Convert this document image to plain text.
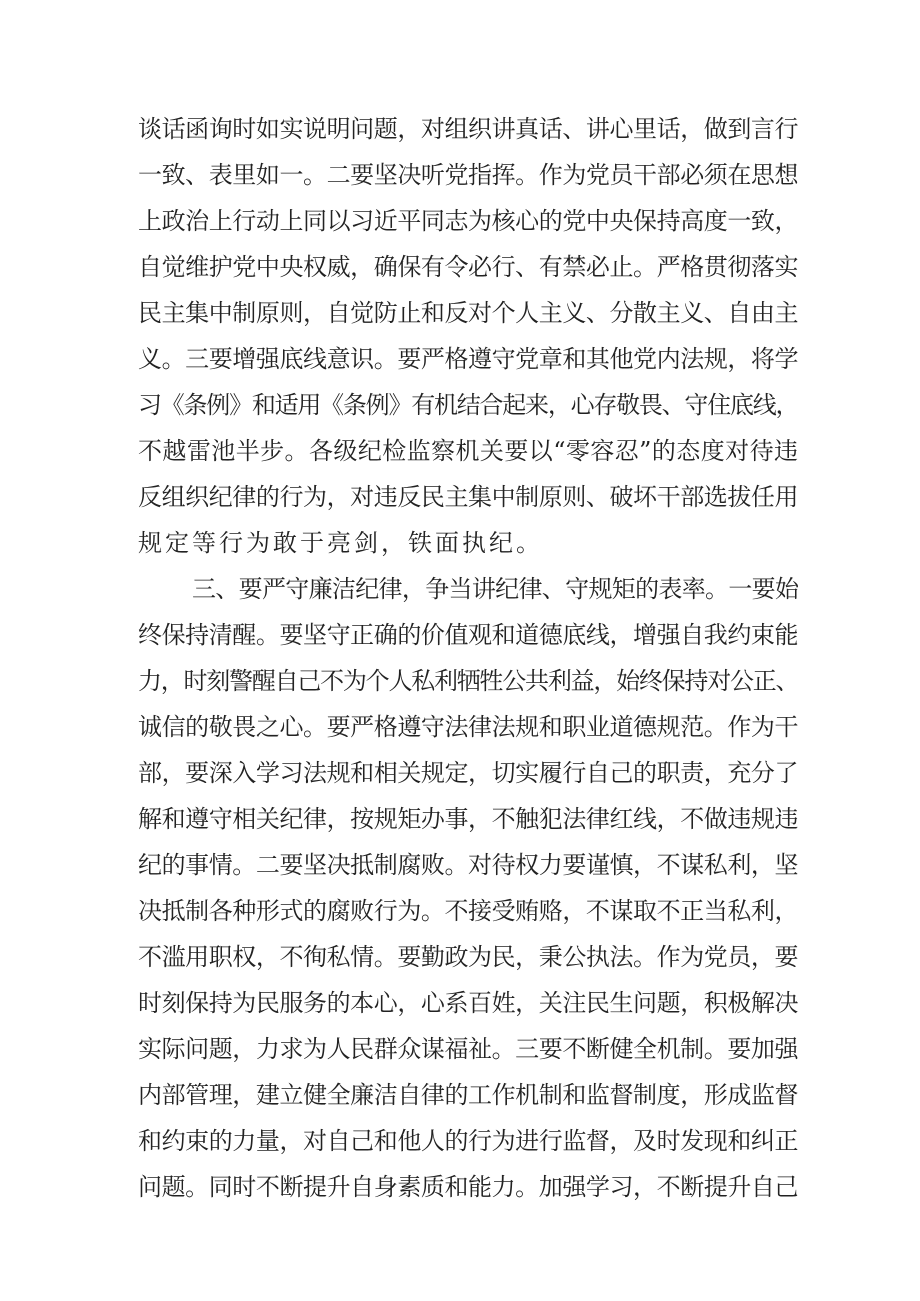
谈话函询时如实说明问题，对组织讲真话、讲心里话，做到言行
一致、表里如一。二要坚决听党指挥。作为党员干部必须在思想
上政治上行动上同以习近平同志为核心的党中央保持高度一致，
自觉维护党中央权威，确保有令必行、有禁必止。严格贯彻落实
民主集中制原则，自觉防止和反对个人主义、分散主义、自由主
义。三要增强底线意识。要严格遵守党章和其他党内法规，将学
习《条例》和适用《条例》有机结合起来，心存敬畏、守住底线，
不越雷池半步。各级纪检监察机关要以“零容忍”的态度对待违
反组织纪律的行为，对违反民主集中制原则、破坏干部选拔任用
规定等行为敢于亮剑，铁面执纪。
三、要严守廉洁纪律，争当讲纪律、守规矩的表率。一要始
终保持清醒。要坚守正确的价值观和道德底线，增强自我约束能
力，时刻警醒自己不为个人私利牺牲公共利益，始终保持对公正、
诚信的敬畏之心。要严格遵守法律法规和职业道德规范。作为干
部，要深入学习法规和相关规定，切实履行自己的职责，充分了
解和遵守相关纪律，按规矩办事，不触犯法律红线，不做违规违
纪的事情。二要坚决抵制腐败。对待权力要谨慎，不谋私利，坚
决抵制各种形式的腐败行为。不接受贿赂，不谋取不正当私利，
不滥用职权，不徇私情。要勤政为民，秉公执法。作为党员，要
时刻保持为民服务的本心，心系百姓，关注民生问题，积极解决
实际问题，力求为人民群众谋福祉。三要不断健全机制。要加强
内部管理，建立健全廉洁自律的工作机制和监督制度，形成监督
和约束的力量，对自己和他人的行为进行监督，及时发现和纠正
问题。同时不断提升自身素质和能力。加强学习，不断提升自己
